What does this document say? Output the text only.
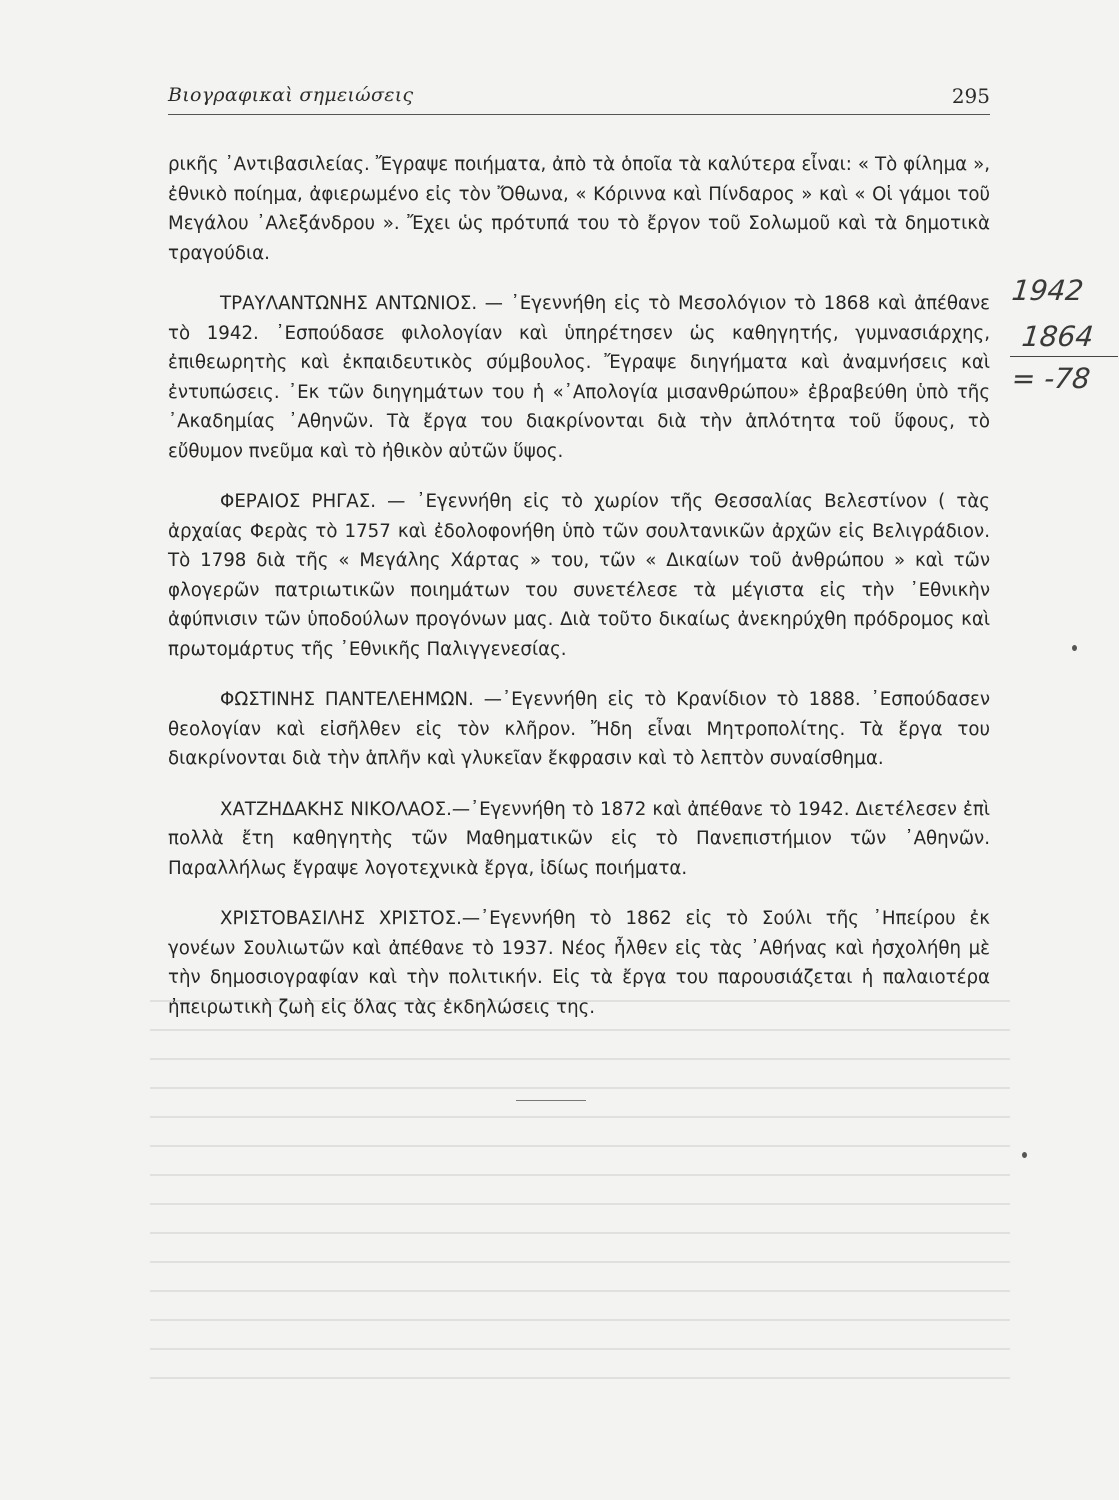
Βιογραφικαὶ σημειώσεις	295

ρικῆς ᾿Αντιβασιλείας. Ἔγραψε ποιήματα, ἀπὸ τὰ ὁποῖα τὰ καλύτερα εἶναι: « Τὸ φίλημα », ἐθνικὸ ποίημα, ἀφιερωμένο εἰς τὸν Ὄθωνα, « Κόριννα καὶ Πίνδαρος » καὶ « Οἱ γάμοι τοῦ Μεγάλου ᾿Αλεξάνδρου ». Ἔχει ὡς πρότυπά του τὸ ἔργον τοῦ Σολωμοῦ καὶ τὰ δημοτικὰ τραγούδια.

ΤΡΑΥΛΑΝΤΩΝΗΣ ΑΝΤΩΝΙΟΣ. — ᾿Εγεννήθη εἰς τὸ Μεσολόγιον τὸ 1868 καὶ ἀπέθανε τὸ 1942. ᾿Εσπούδασε φιλολογίαν καὶ ὑπηρέτησεν ὡς καθηγητής, γυμνασιάρχης, ἐπιθεωρητὴς καὶ ἐκπαιδευτικὸς σύμβουλος. Ἔγραψε διηγήματα καὶ ἀναμνήσεις καὶ ἐντυπώσεις. ᾿Εκ τῶν διηγημάτων του ἡ «᾿Απολογία μισανθρώπου» ἐβραβεύθη ὑπὸ τῆς ᾿Ακαδημίας ᾿Αθηνῶν. Τὰ ἔργα του διακρίνονται διὰ τὴν ἁπλότητα τοῦ ὕφους, τὸ εὔθυμον πνεῦμα καὶ τὸ ἠθικὸν αὐτῶν ὕψος.

ΦΕΡΑΙΟΣ ΡΗΓΑΣ. — ᾿Εγεννήθη εἰς τὸ χωρίον τῆς Θεσσαλίας Βελεστίνον ( τὰς ἀρχαίας Φερὰς τὸ 1757 καὶ ἐδολοφονήθη ὑπὸ τῶν σουλτανικῶν ἀρχῶν εἰς Βελιγράδιον. Τὸ 1798 διὰ τῆς « Μεγάλης Χάρτας » του, τῶν « Δικαίων τοῦ ἀνθρώπου » καὶ τῶν φλογερῶν πατριωτικῶν ποιημάτων του συνετέλεσε τὰ μέγιστα εἰς τὴν ᾿Εθνικὴν ἀφύπνισιν τῶν ὑποδούλων προγόνων μας. Διὰ τοῦτο δικαίως ἀνεκηρύχθη πρόδρομος καὶ πρωτομάρτυς τῆς ᾿Εθνικῆς Παλιγγενεσίας.

ΦΩΣΤΙΝΗΣ ΠΑΝΤΕΛΕΗΜΩΝ. —᾿Εγεννήθη εἰς τὸ Κρανίδιον τὸ 1888. ᾿Εσπούδασεν θεολογίαν καὶ εἰσῆλθεν εἰς τὸν κλῆρον. Ἤδη εἶναι Μητροπολίτης. Τὰ ἔργα του διακρίνονται διὰ τὴν ἁπλῆν καὶ γλυκεῖαν ἔκφρασιν καὶ τὸ λεπτὸν συναίσθημα.

ΧΑΤΖΗΔΑΚΗΣ ΝΙΚΟΛΑΟΣ.—᾿Εγεννήθη τὸ 1872 καὶ ἀπέθανε τὸ 1942. Διετέλεσεν ἐπὶ πολλὰ ἔτη καθηγητὴς τῶν Μαθηματικῶν εἰς τὸ Πανεπιστήμιον τῶν ᾿Αθηνῶν. Παραλλήλως ἔγραψε λογοτεχνικὰ ἔργα, ἰδίως ποιήματα.

ΧΡΙΣΤΟΒΑΣΙΛΗΣ ΧΡΙΣΤΟΣ.—᾿Εγεννήθη τὸ 1862 εἰς τὸ Σούλι τῆς ᾿Ηπείρου ἐκ γονέων Σουλιωτῶν καὶ ἀπέθανε τὸ 1937. Νέος ἦλθεν εἰς τὰς ᾿Αθήνας καὶ ἠσχολήθη μὲ τὴν δημοσιογραφίαν καὶ τὴν πολιτικήν. Εἰς τὰ ἔργα του παρουσιάζεται ἡ παλαιοτέρα ἠπειρωτικὴ ζωὴ εἰς ὅλας τὰς ἐκδηλώσεις της.

1942
1864
= -78
